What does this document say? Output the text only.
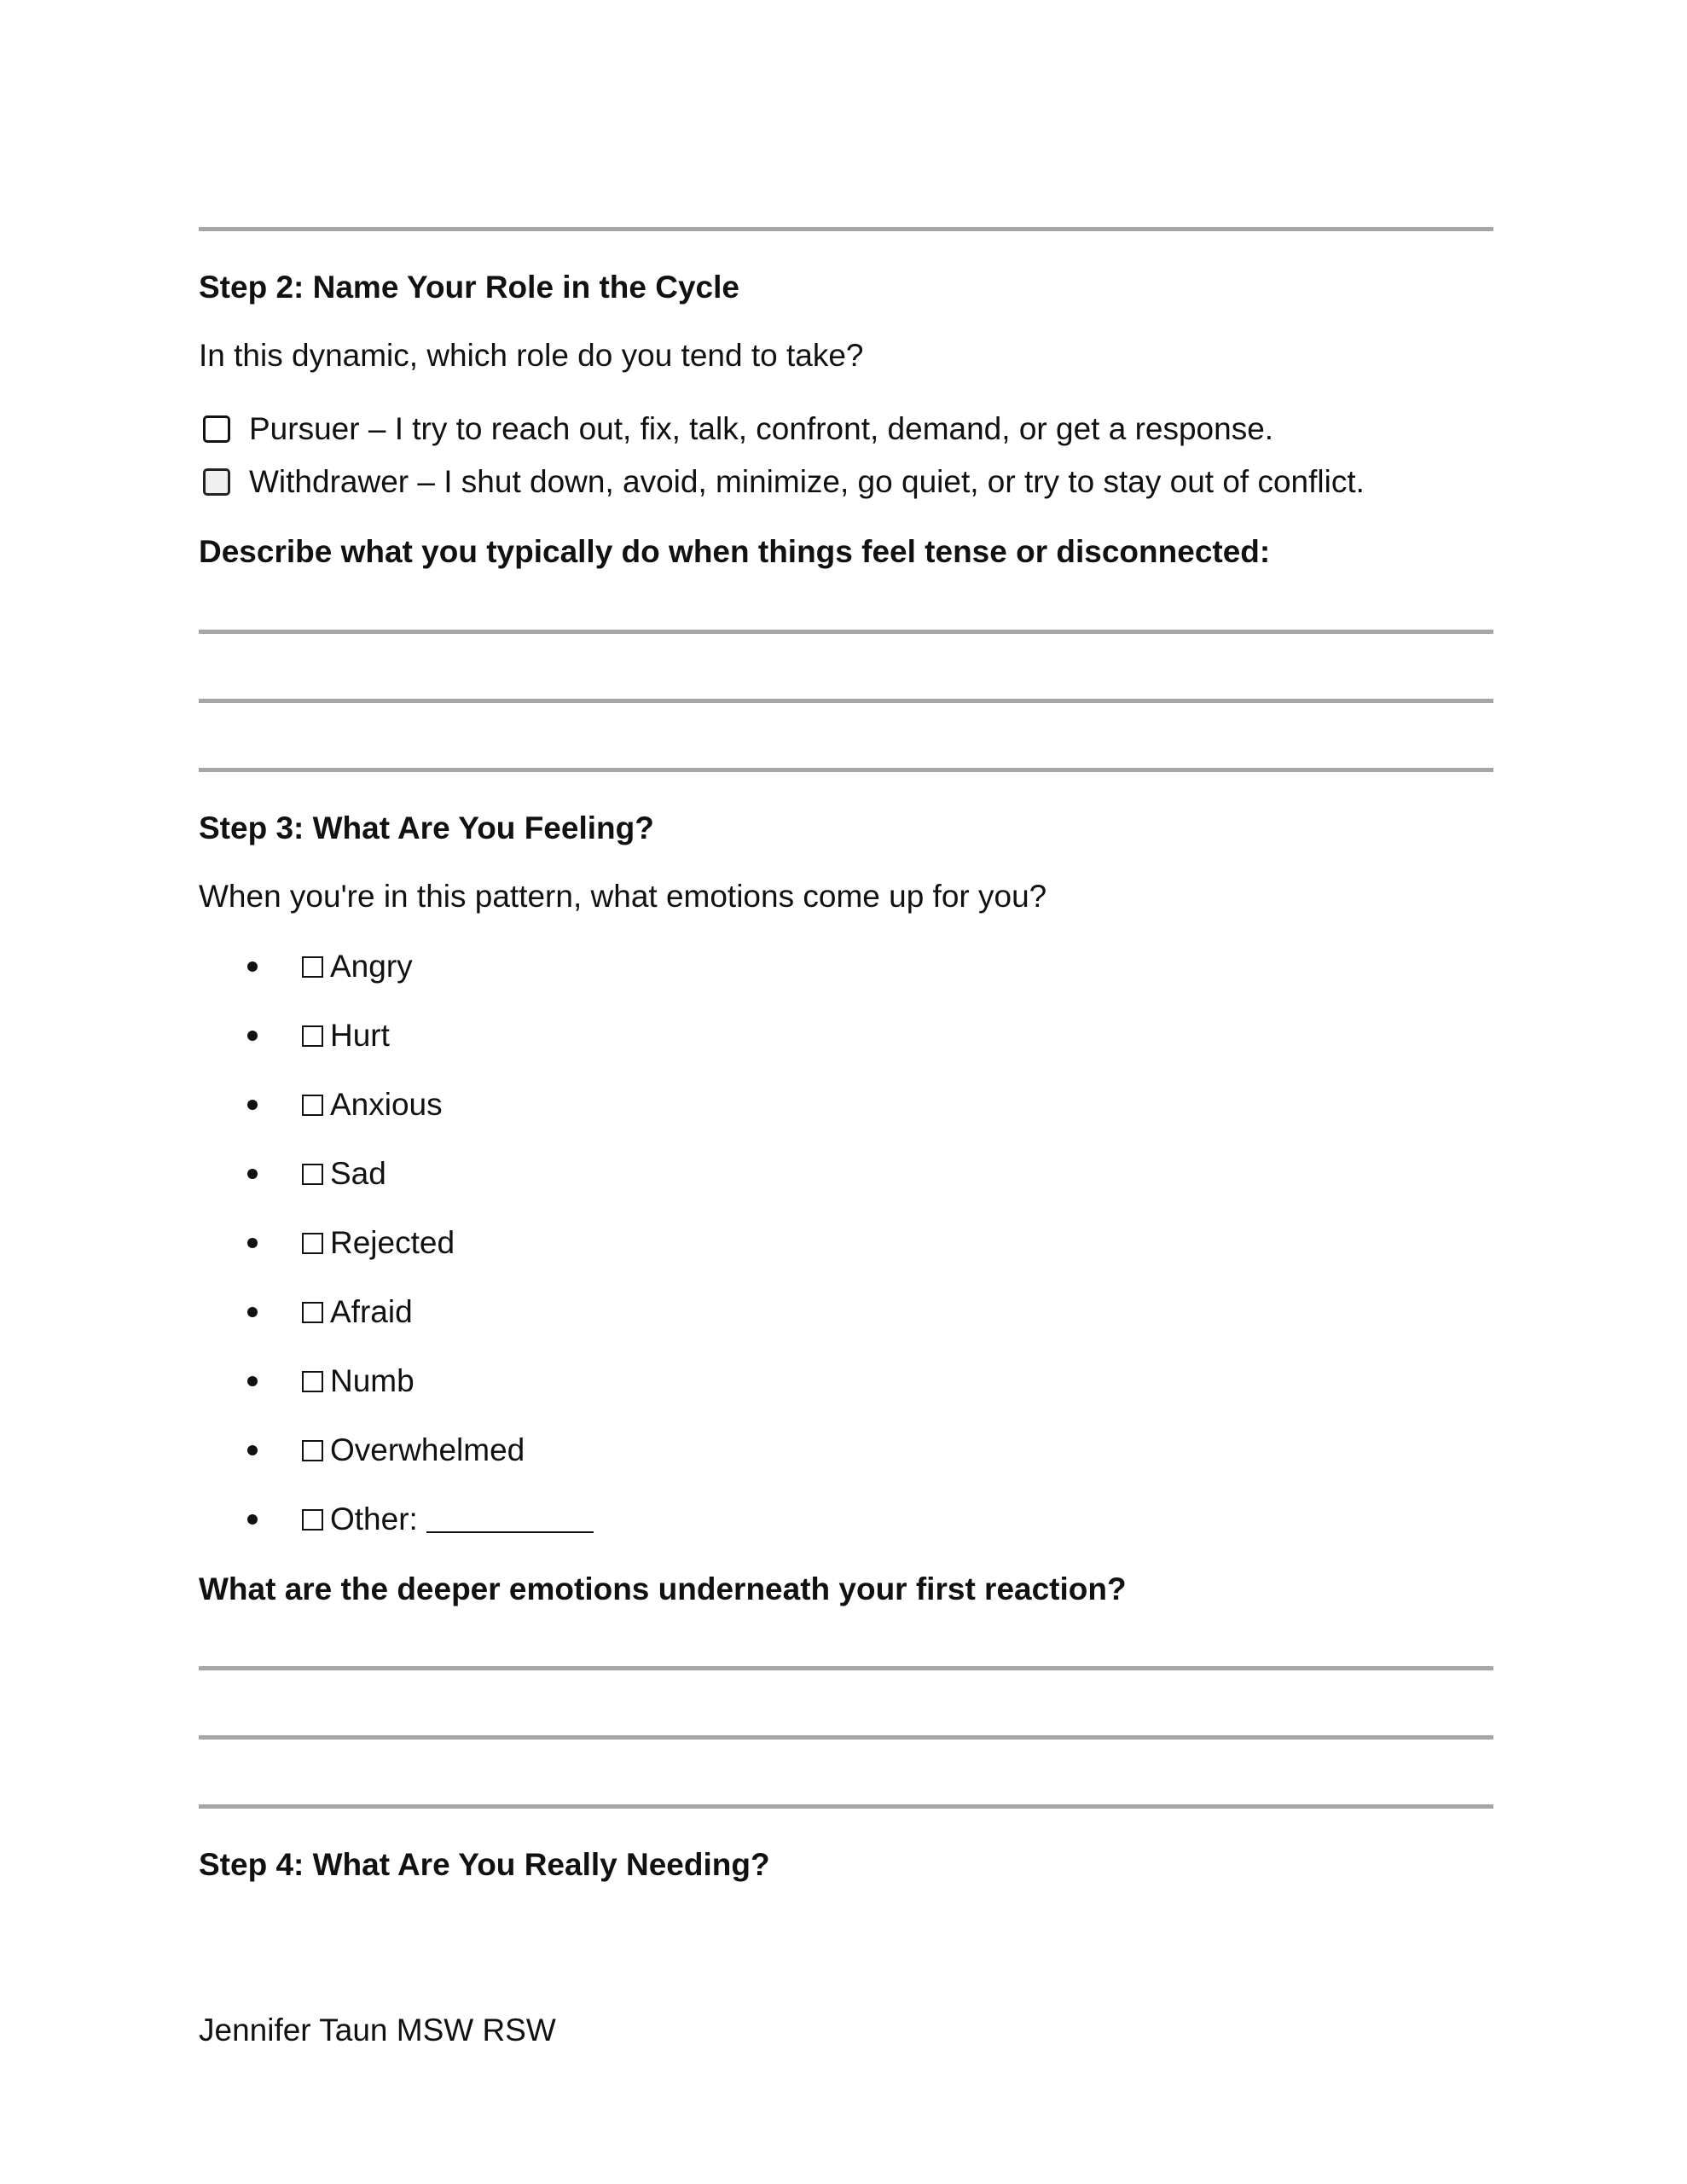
Step 2: Name Your Role in the Cycle
In this dynamic, which role do you tend to take?
Pursuer – I try to reach out, fix, talk, confront, demand, or get a response.
Withdrawer – I shut down, avoid, minimize, go quiet, or try to stay out of conflict.
Describe what you typically do when things feel tense or disconnected:
Step 3: What Are You Feeling?
When you're in this pattern, what emotions come up for you?
Angry
Hurt
Anxious
Sad
Rejected
Afraid
Numb
Overwhelmed
Other:
What are the deeper emotions underneath your first reaction?
Step 4: What Are You Really Needing?
Jennifer Taun MSW RSW
